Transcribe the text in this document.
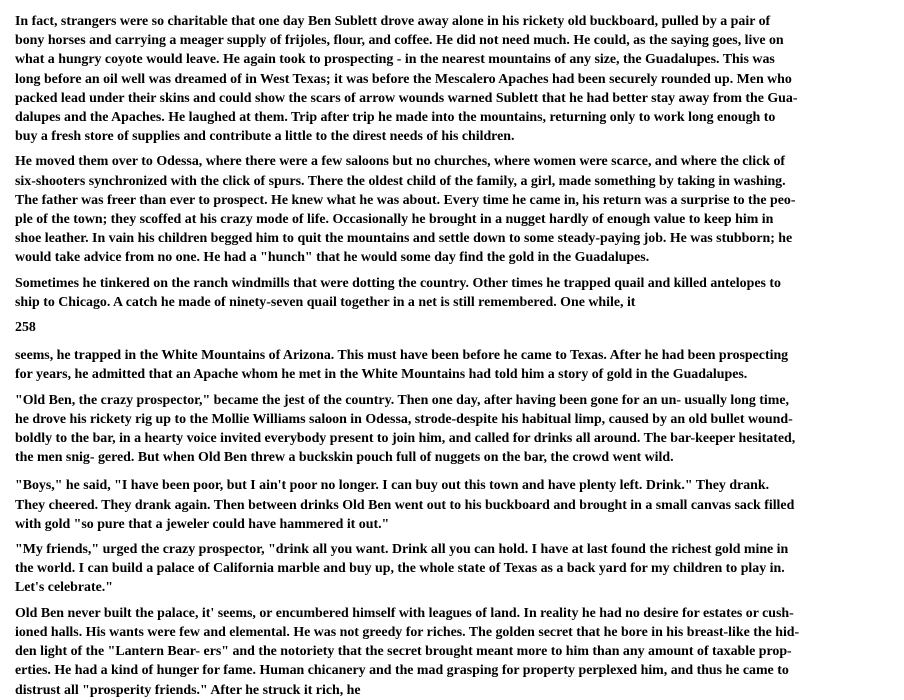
In fact, strangers were so charitable that one day Ben Sublett drove away alone in his rickety old buckboard, pulled by a pair of
bony horses and carrying a meager supply of frijoles, flour, and coffee. He did not need much. He could, as the saying goes, live on
what a hungry coyote would leave. He again took to prospecting - in the nearest mountains of any size, the Guadalupes. This was
long before an oil well was dreamed of in West Texas; it was before the Mescalero Apaches had been securely rounded up. Men who
packed lead under their skins and could show the scars of arrow wounds warned Sublett that he had better stay away from the Gua-
dalupes and the Apaches. He laughed at them. Trip after trip he made into the mountains, returning only to work long enough to
buy a fresh store of supplies and contribute a little to the direst needs of his children.

He moved them over to Odessa, where there were a few saloons but no churches, where women were scarce, and where the click of
six-shooters synchronized with the click of spurs. There the oldest child of the family, a girl, made something by taking in washing.
The father was freer than ever to prospect. He knew what he was about. Every time he came in, his return was a surprise to the peo-
ple of the town; they scoffed at his crazy mode of life. Occasionally he brought in a nugget hardly of enough value to keep him in
shoe leather. In vain his children begged him to quit the mountains and settle down to some steady-paying job. He was stubborn; he
would take advice from no one. He had a "hunch" that he would some day find the gold in the Guadalupes.

Sometimes he tinkered on the ranch windmills that were dotting the country. Other times he trapped quail and killed antelopes to
ship to Chicago. A catch he made of ninety-seven quail together in a net is still remembered. One while, it

258

seems, he trapped in the White Mountains of Arizona. This must have been before he came to Texas. After he had been prospecting
for years, he admitted that an Apache whom he met in the White Mountains had told him a story of gold in the Guadalupes.

"Old Ben, the crazy prospector," became the jest of the country. Then one day, after having been gone for an un- usually long time,
he drove his rickety rig up to the Mollie Williams saloon in Odessa, strode-despite his habitual limp, caused by an old bullet wound-
boldly to the bar, in a hearty voice invited everybody present to join him, and called for drinks all around. The bar-keeper hesitated,
the men snig- gered. But when Old Ben threw a buckskin pouch full of nuggets on the bar, the crowd went wild.

"Boys," he said, "I have been poor, but I ain't poor no longer. I can buy out this town and have plenty left. Drink." They drank.
They cheered. They drank again. Then between drinks Old Ben went out to his buckboard and brought in a small canvas sack filled
with gold "so pure that a jeweler could have hammered it out."

"My friends," urged the crazy prospector, "drink all you want. Drink all you can hold. I have at last found the richest gold mine in
the world. I can build a palace of California marble and buy up, the whole state of Texas as a back yard for my children to play in.
Let's celebrate."

Old Ben never built the palace, it' seems, or encumbered himself with leagues of land. In reality he had no desire for estates or cush-
ioned halls. His wants were few and elemental. He was not greedy for riches. The golden secret that he bore in his breast-like the hid-
den light of the "Lantern Bear- ers" and the notoriety that the secret brought meant more to him than any amount of taxable prop-
erties. He had a kind of hunger for fame. Human chicanery and the mad grasping for property perplexed him, and thus he came to
distrust all "prosperity friends." After he struck it rich, he
